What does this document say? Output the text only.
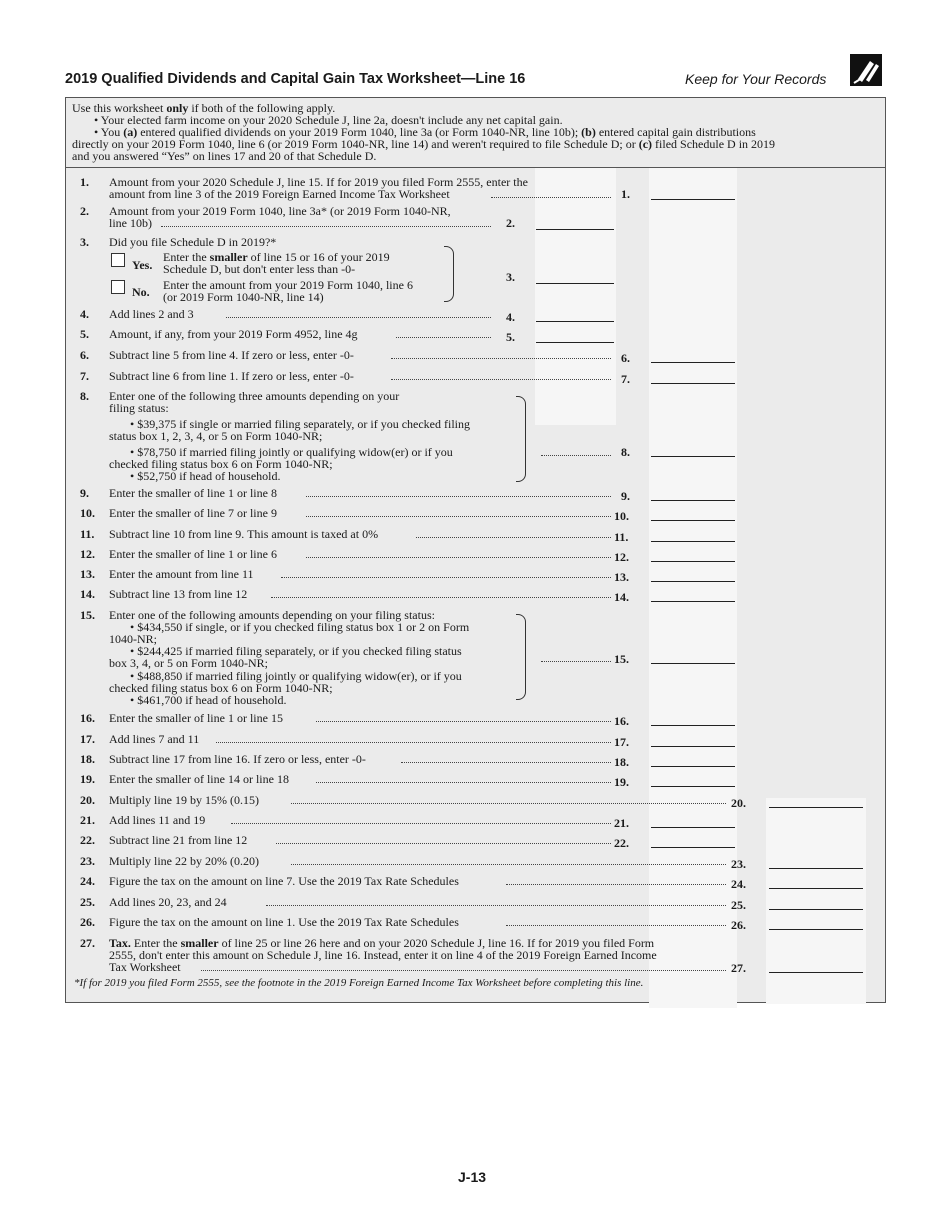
2019 Qualified Dividends and Capital Gain Tax Worksheet—Line 16	Keep for Your Records
Use this worksheet only if both of the following apply.
• Your elected farm income on your 2020 Schedule J, line 2a, doesn't include any net capital gain.
• You (a) entered qualified dividends on your 2019 Form 1040, line 3a (or Form 1040-NR, line 10b); (b) entered capital gain distributions
directly on your 2019 Form 1040, line 6 (or 2019 Form 1040-NR, line 14) and weren't required to file Schedule D; or (c) filed Schedule D in 2019
and you answered “Yes” on lines 17 and 20 of that Schedule D.
1. Amount from your 2020 Schedule J, line 15. If for 2019 you filed Form 2555, enter the
amount from line 3 of the 2019 Foreign Earned Income Tax Worksheet	1.
2. Amount from your 2019 Form 1040, line 3a* (or 2019 Form 1040-NR,
line 10b)	2.
3. Did you file Schedule D in 2019?*
Yes.
Enter the smaller of line 15 or 16 of your 2019
Schedule D, but don't enter less than -0-
No. Enter the amount from your 2019 Form 1040, line 6
(or 2019 Form 1040-NR, line 14)
3.
4. Add lines 2 and 3	4.
5. Amount, if any, from your 2019 Form 4952, line 4g	5.
6. Subtract line 5 from line 4. If zero or less, enter -0-	6.
7. Subtract line 6 from line 1. If zero or less, enter -0-	7.
8. Enter one of the following three amounts depending on your
filing status:
• $39,375 if single or married filing separately, or if you checked filing
status box 1, 2, 3, 4, or 5 on Form 1040-NR;
• $78,750 if married filing jointly or qualifying widow(er) or if you
checked filing status box 6 on Form 1040-NR;
• $52,750 if head of household.
8.
9. Enter the smaller of line 1 or line 8	9.
10. Enter the smaller of line 7 or line 9	10.
11. Subtract line 10 from line 9. This amount is taxed at 0%	11.
12. Enter the smaller of line 1 or line 6	12.
13. Enter the amount from line 11	13.
14. Subtract line 13 from line 12	14.
15. Enter one of the following amounts depending on your filing status:
• $434,550 if single, or if you checked filing status box 1 or 2 on Form
1040-NR;
• $244,425 if married filing separately, or if you checked filing status
box 3, 4, or 5 on Form 1040-NR;
• $488,850 if married filing jointly or qualifying widow(er), or if you
checked filing status box 6 on Form 1040-NR;
• $461,700 if head of household.
15.
16. Enter the smaller of line 1 or line 15	16.
17. Add lines 7 and 11	17.
18. Subtract line 17 from line 16. If zero or less, enter -0-	18.
19. Enter the smaller of line 14 or line 18	19.
20. Multiply line 19 by 15% (0.15)	20.
21. Add lines 11 and 19	21.
22. Subtract line 21 from line 12	22.
23. Multiply line 22 by 20% (0.20)	23.
24. Figure the tax on the amount on line 7. Use the 2019 Tax Rate Schedules	24.
25. Add lines 20, 23, and 24	25.
26. Figure the tax on the amount on line 1. Use the 2019 Tax Rate Schedules	26.
27. Tax. Enter the smaller of line 25 or line 26 here and on your 2020 Schedule J, line 16. If for 2019 you filed Form
2555, don't enter this amount on Schedule J, line 16. Instead, enter it on line 4 of the 2019 Foreign Earned Income
Tax Worksheet	27.
*If for 2019 you filed Form 2555, see the footnote in the 2019 Foreign Earned Income Tax Worksheet before completing this line.
J-13
